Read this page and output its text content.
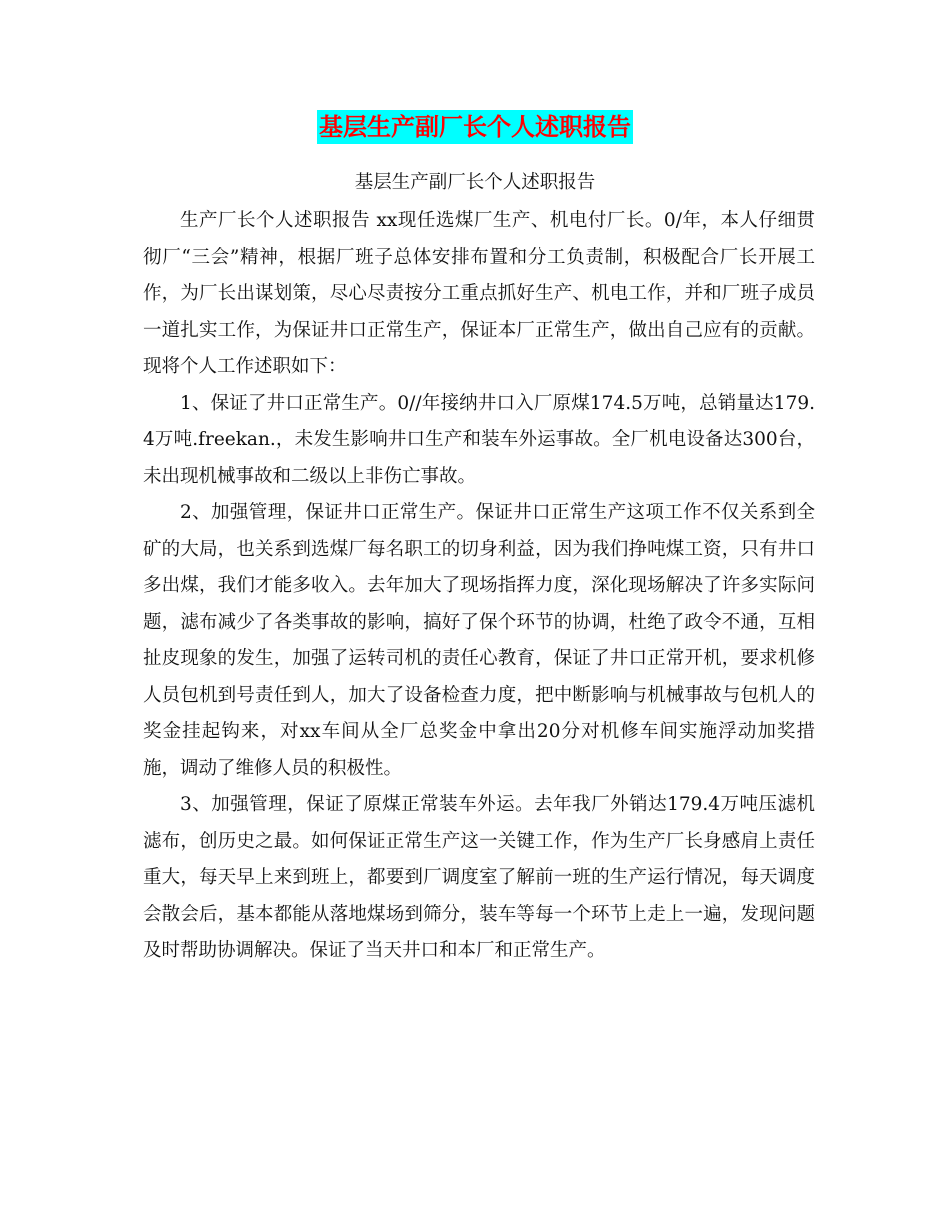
基层生产副厂长个人述职报告
基层生产副厂长个人述职报告

生产厂长个人述职报告 xx现任选煤厂生产、机电付厂长。0/年，本人仔细贯彻厂“三会”精神，根据厂班子总体安排布置和分工负责制，积极配合厂长开展工作，为厂长出谋划策，尽心尽责按分工重点抓好生产、机电工作，并和厂班子成员一道扎实工作，为保证井口正常生产，保证本厂正常生产，做出自己应有的贡献。现将个人工作述职如下：

1、保证了井口正常生产。0//年接纳井口入厂原煤174.5万吨，总销量达179.4万吨.freekan.，未发生影响井口生产和装车外运事故。全厂机电设备达300台，未出现机械事故和二级以上非伤亡事故。

2、加强管理，保证井口正常生产。保证井口正常生产这项工作不仅关系到全矿的大局，也关系到选煤厂每名职工的切身利益，因为我们挣吨煤工资，只有井口多出煤，我们才能多收入。去年加大了现场指挥力度，深化现场解决了许多实际问题，滤布减少了各类事故的影响，搞好了保个环节的协调，杜绝了政令不通，互相扯皮现象的发生，加强了运转司机的责任心教育，保证了井口正常开机，要求机修人员包机到号责任到人，加大了设备检查力度，把中断影响与机械事故与包机人的奖金挂起钩来，对xx车间从全厂总奖金中拿出20分对机修车间实施浮动加奖措施，调动了维修人员的积极性。

3、加强管理，保证了原煤正常装车外运。去年我厂外销达179.4万吨压滤机滤布，创历史之最。如何保证正常生产这一关键工作，作为生产厂长身感肩上责任重大，每天早上来到班上，都要到厂调度室了解前一班的生产运行情况，每天调度会散会后，基本都能从落地煤场到筛分，装车等每一个环节上走上一遍，发现问题及时帮助协调解决。保证了当天井口和本厂和正常生产。
